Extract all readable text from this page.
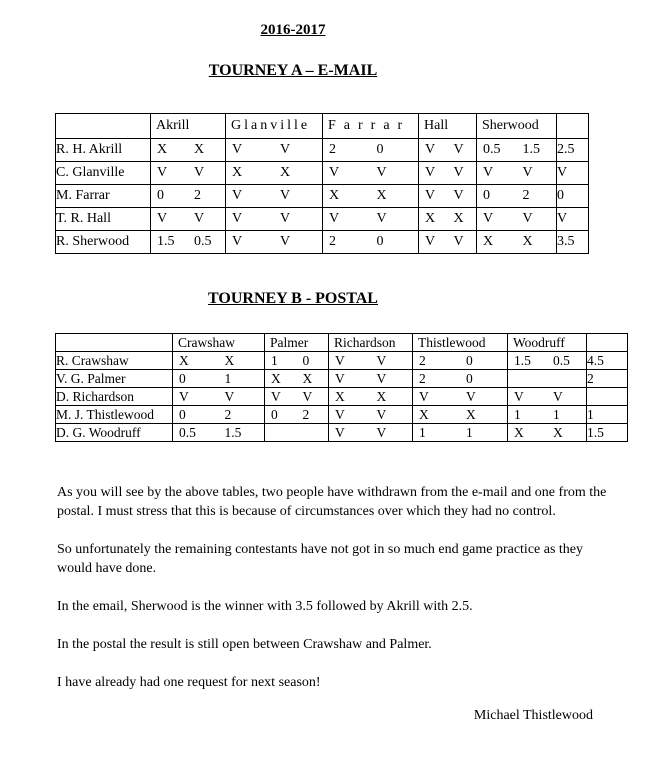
2016-2017
TOURNEY A – E-MAIL
	Akrill	Glanville	Farrar	Hall	Sherwood	
R. H. Akrill	X X	V V	2 0	V V	0.5 1.5	2.5
C. Glanville	V V	X X	V V	V V	V V	V
M. Farrar	0 2	V V	X X	V V	0 2	0
T. R. Hall	V V	V V	V V	X X	V V	V
R. Sherwood	1.5 0.5	V V	2 0	V V	X X	3.5
TOURNEY B - POSTAL
	Crawshaw	Palmer	Richardson	Thistlewood	Woodruff	
R. Crawshaw	X X	1 0	V V	2 0	1.5 0.5	4.5
V. G. Palmer	0 1	X X	V V	2 0		2
D. Richardson	V V	V V	X X	V V	V V	
M. J. Thistlewood	0 2	0 2	V V	X X	1 1	1
D. G. Woodruff	0.5 1.5		V V	1 1	X X	1.5

As you will see by the above tables, two people have withdrawn from the e-mail and one from the postal. I must stress that this is because of circumstances over which they had no control.

So unfortunately the remaining contestants have not got in so much end game practice as they would have done.

In the email, Sherwood is the winner with 3.5 followed by Akrill with 2.5.

In the postal the result is still open between Crawshaw and Palmer.

I have already had one request for next season!

Michael Thistlewood
